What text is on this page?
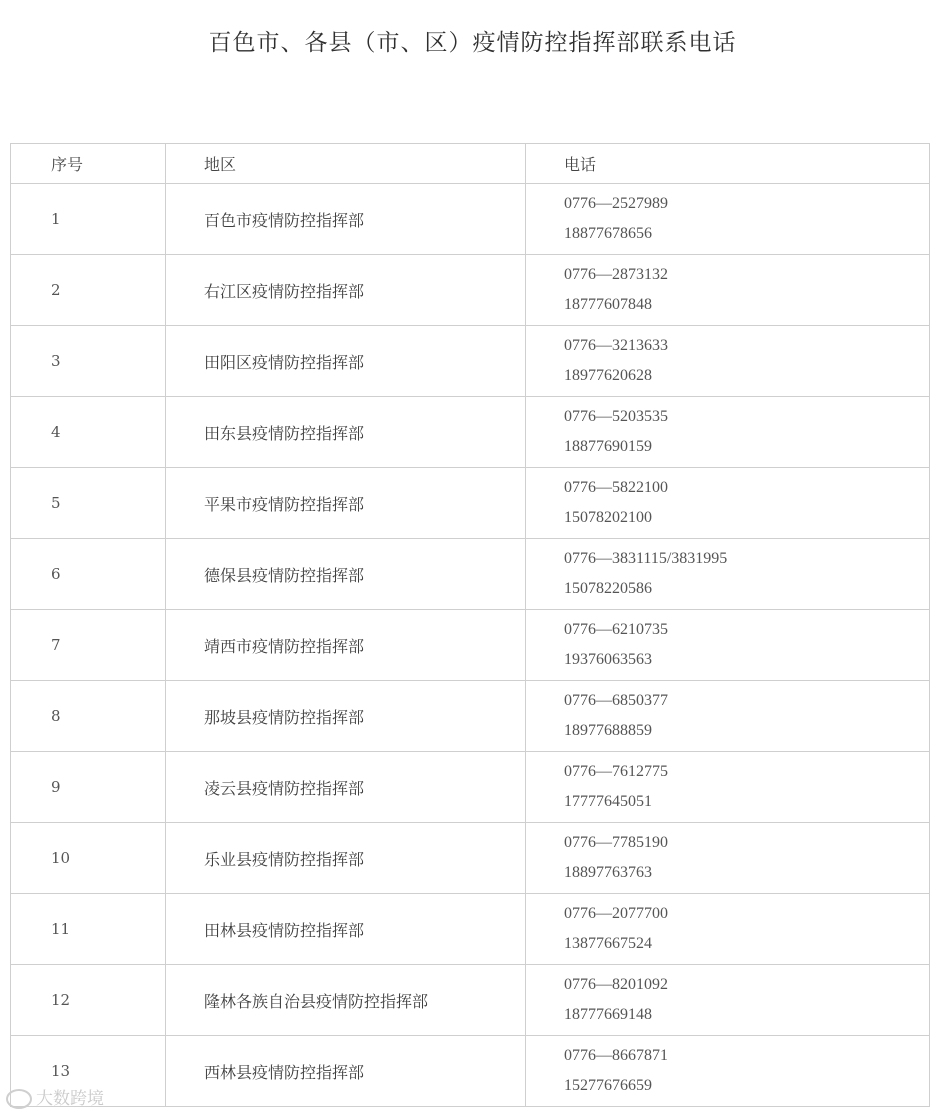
百色市、各县（市、区）疫情防控指挥部联系电话
序号	地区	电话
1	百色市疫情防控指挥部	0776—2527989
18877678656

2	右江区疫情防控指挥部	0776—2873132
18777607848

3	田阳区疫情防控指挥部	0776—3213633
18977620628

4	田东县疫情防控指挥部	0776—5203535
18877690159

5	平果市疫情防控指挥部	0776—5822100
15078202100

6	德保县疫情防控指挥部	0776—3831115/3831995
15078220586

7	靖西市疫情防控指挥部	0776—6210735
19376063563

8	那坡县疫情防控指挥部	0776—6850377
18977688859

9	凌云县疫情防控指挥部	0776—7612775
17777645051

10	乐业县疫情防控指挥部	0776—7785190
18897763763

11	田林县疫情防控指挥部	0776—2077700
13877667524

12	隆林各族自治县疫情防控指挥部	0776—8201092
18777669148

13	西林县疫情防控指挥部	0776—8667871
15277676659
大数跨境
